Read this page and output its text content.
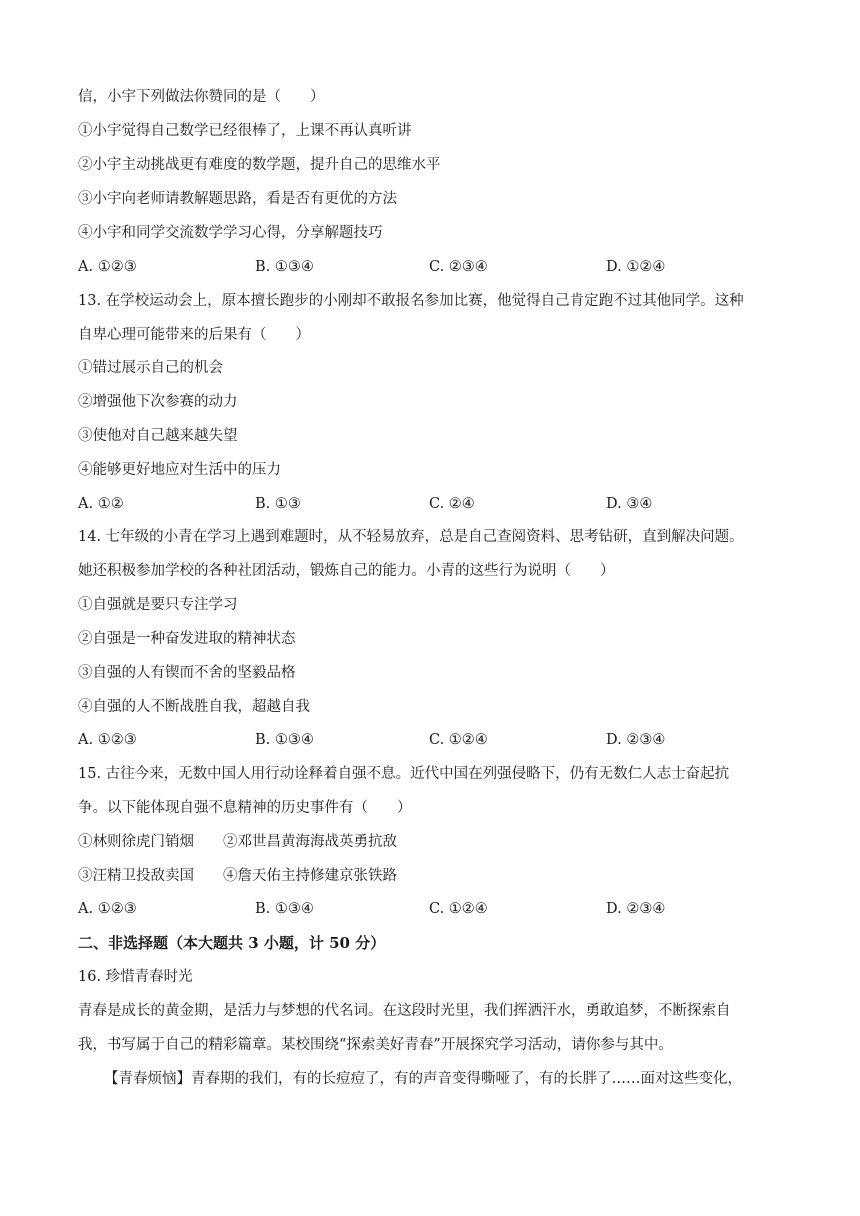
信，小宇下列做法你赞同的是（　　）
①小宇觉得自己数学已经很棒了，上课不再认真听讲
②小宇主动挑战更有难度的数学题，提升自己的思维水平
③小宇向老师请教解题思路，看是否有更优的方法
④小宇和同学交流数学学习心得，分享解题技巧
A. ①②③	B. ①③④	C. ②③④	D. ①②④
13. 在学校运动会上，原本擅长跑步的小刚却不敢报名参加比赛，他觉得自己肯定跑不过其他同学。这种
自卑心理可能带来的后果有（　　）
①错过展示自己的机会
②增强他下次参赛的动力
③使他对自己越来越失望
④能够更好地应对生活中的压力
A. ①②	B. ①③	C. ②④	D. ③④
14. 七年级的小青在学习上遇到难题时，从不轻易放弃，总是自己查阅资料、思考钻研，直到解决问题。
她还积极参加学校的各种社团活动，锻炼自己的能力。小青的这些行为说明（　　）
①自强就是要只专注学习
②自强是一种奋发进取的精神状态
③自强的人有锲而不舍的坚毅品格
④自强的人不断战胜自我，超越自我
A. ①②③	B. ①③④	C. ①②④	D. ②③④
15. 古往今来，无数中国人用行动诠释着自强不息。近代中国在列强侵略下，仍有无数仁人志士奋起抗
争。以下能体现自强不息精神的历史事件有（　　）
①林则徐虎门销烟　　②邓世昌黄海海战英勇抗敌
③汪精卫投敌卖国　　④詹天佑主持修建京张铁路
A. ①②③	B. ①③④	C. ①②④	D. ②③④
二、非选择题（本大题共 3 小题，计 50 分）
16. 珍惜青春时光
青春是成长的黄金期，是活力与梦想的代名词。在这段时光里，我们挥洒汗水，勇敢追梦，不断探索自
我，书写属于自己的精彩篇章。某校围绕“探索美好青春”开展探究学习活动，请你参与其中。
【青春烦恼】青春期的我们，有的长痘痘了，有的声音变得嘶哑了，有的长胖了……面对这些变化，
